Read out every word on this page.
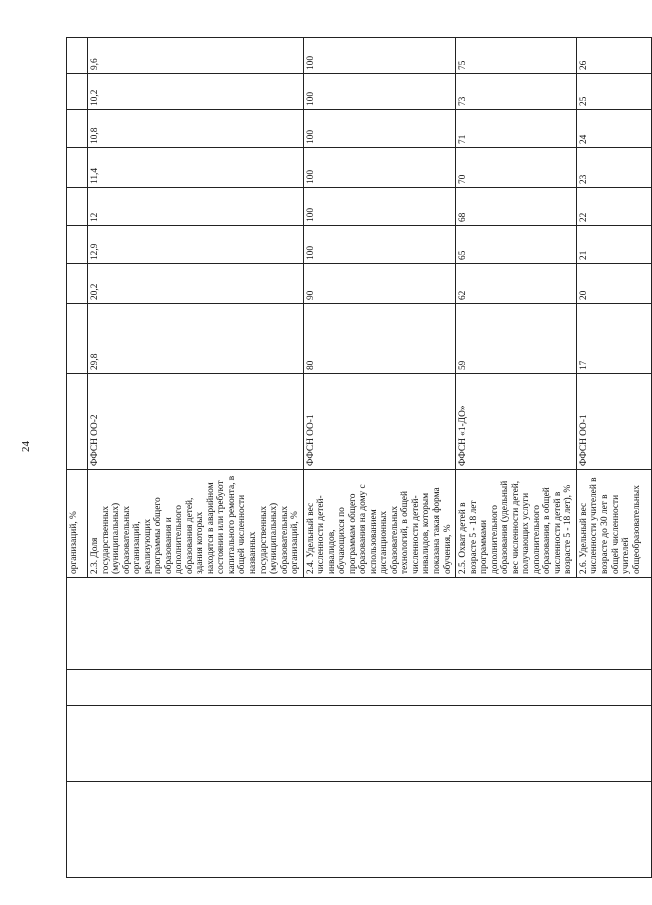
24
				организаций, %									
				2.3. Доля государственных (муниципальных) образовательных организаций, реализующих программы общего образования и дополнительного образования детей, здания которых находятся в аварийном состоянии или требуют капитального ремонта, в общей численности названных государственных (муниципальных) образовательных организаций, %	ФФСН ОО-2	29,8	20,2	12,9	12	11,4	10,8	10,2	9,6
				2.4. Удельный вес численности детей-инвалидов, обучающихся по программам общего образования на дому с использованием дистанционных образовательных технологий, в общей численности детей-инвалидов, которым показана такая форма обучения, %	ФФСН ОО-1	80	90	100	100	100	100	100	100
				2.5. Охват детей в возрасте 5 - 18 лет программами дополнительного образования (удельный вес численности детей, получающих услуги дополнительного образования, в общей численности детей в возрасте 5 - 18 лет), %	ФФСН «1-ДО»	59	62	65	68	70	71	73	75
				2.6. Удельный вес численности учителей в возрасте до 30 лет в общей численности учителей общеобразовательных	ФФСН ОО-1	17	20	21	22	23	24	25	26
